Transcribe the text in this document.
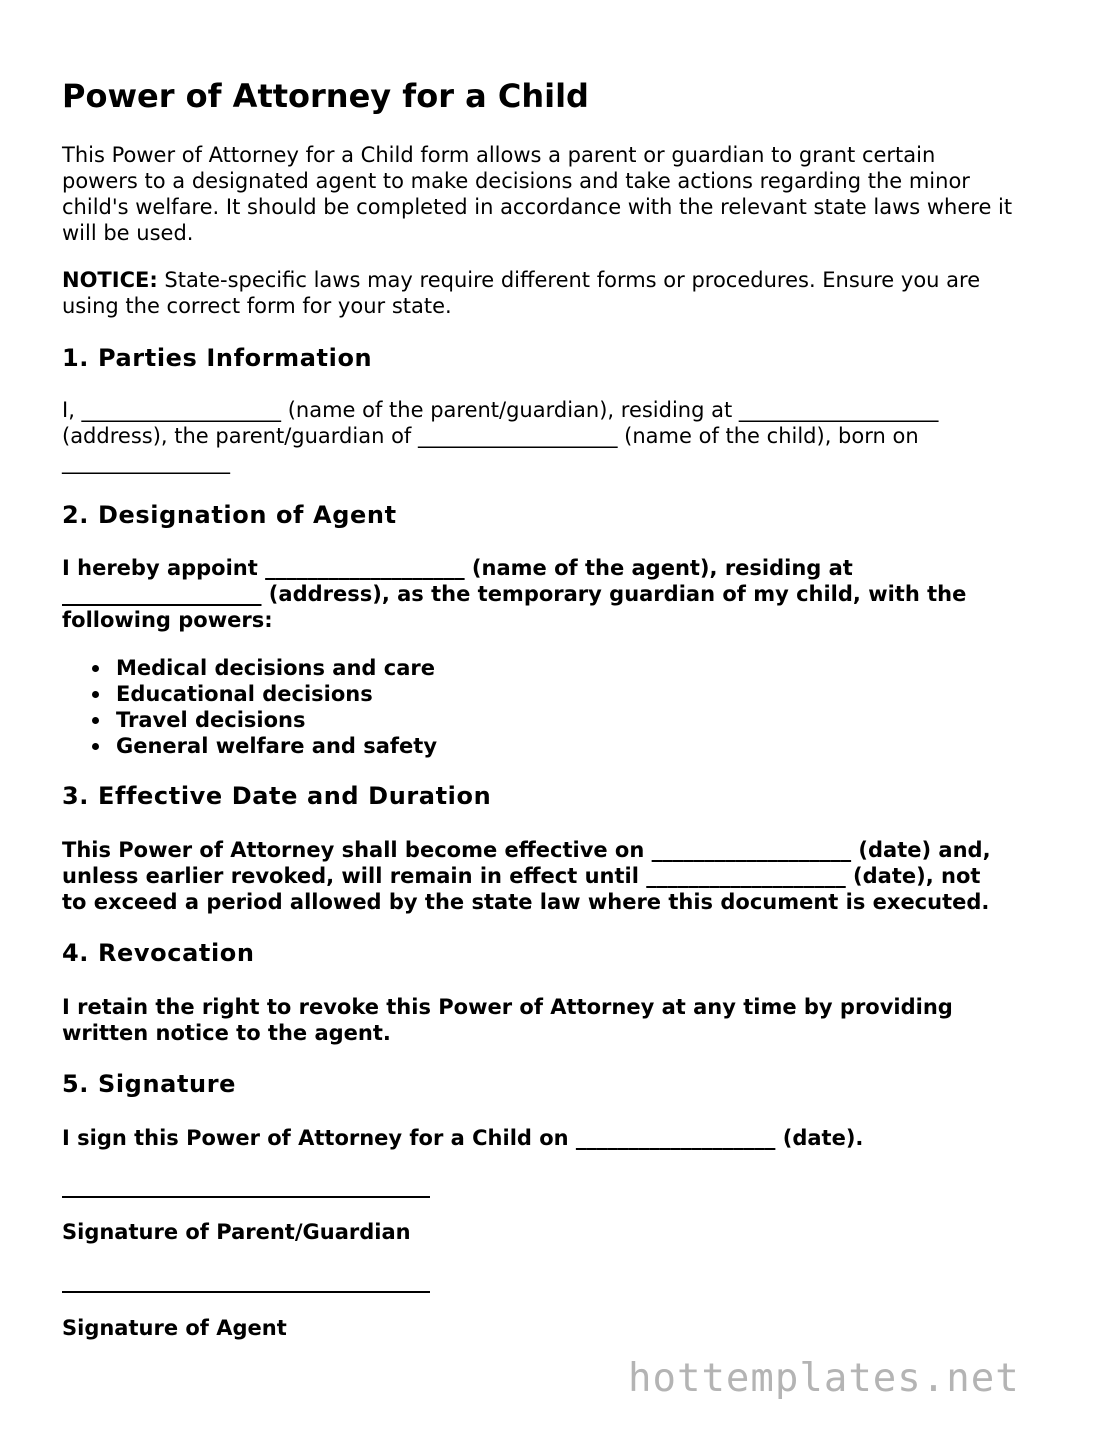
Power of Attorney for a Child
This Power of Attorney for a Child form allows a parent or guardian to grant certain
powers to a designated agent to make decisions and take actions regarding the minor
child's welfare. It should be completed in accordance with the relevant state laws where it
will be used.
NOTICE: State-specific laws may require different forms or procedures. Ensure you are
using the correct form for your state.
1. Parties Information
I, ___________________ (name of the parent/guardian), residing at ___________________
(address), the parent/guardian of ___________________ (name of the child), born on
________________
2. Designation of Agent
I hereby appoint ___________________ (name of the agent), residing at
___________________ (address), as the temporary guardian of my child, with the
following powers:
Medical decisions and care
Educational decisions
Travel decisions
General welfare and safety
3. Effective Date and Duration
This Power of Attorney shall become effective on ___________________ (date) and,
unless earlier revoked, will remain in effect until ___________________ (date), not
to exceed a period allowed by the state law where this document is executed.
4. Revocation
I retain the right to revoke this Power of Attorney at any time by providing
written notice to the agent.
5. Signature
I sign this Power of Attorney for a Child on ___________________ (date).
Signature of Parent/Guardian
Signature of Agent
hottemplates.net
